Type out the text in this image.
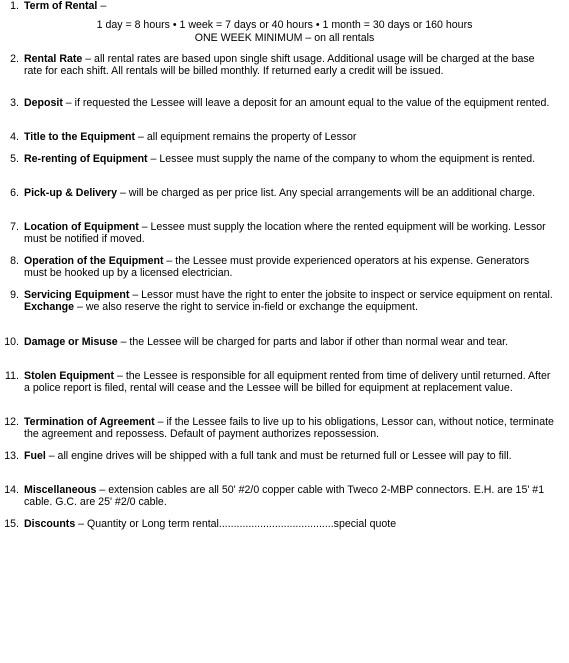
1. Term of Rental –
1 day = 8 hours • 1 week = 7 days or 40 hours • 1 month = 30 days or 160 hours
ONE WEEK MINIMUM – on all rentals
2. Rental Rate – all rental rates are based upon single shift usage. Additional usage will be charged at the base rate for each shift. All rentals will be billed monthly. If returned early a credit will be issued.
3. Deposit – if requested the Lessee will leave a deposit for an amount equal to the value of the equipment rented.
4. Title to the Equipment – all equipment remains the property of Lessor
5. Re-renting of Equipment – Lessee must supply the name of the company to whom the equipment is rented.
6. Pick-up & Delivery – will be charged as per price list. Any special arrangements will be an additional charge.
7. Location of Equipment – Lessee must supply the location where the rented equipment will be working. Lessor must be notified if moved.
8. Operation of the Equipment – the Lessee must provide experienced operators at his expense. Generators must be hooked up by a licensed electrician.
9. Servicing Equipment – Lessor must have the right to enter the jobsite to inspect or service equipment on rental. Exchange – we also reserve the right to service in-field or exchange the equipment.
10. Damage or Misuse – the Lessee will be charged for parts and labor if other than normal wear and tear.
11. Stolen Equipment – the Lessee is responsible for all equipment rented from time of delivery until returned. After a police report is filed, rental will cease and the Lessee will be billed for equipment at replacement value.
12. Termination of Agreement – if the Lessee fails to live up to his obligations, Lessor can, without notice, terminate the agreement and repossess. Default of payment authorizes repossession.
13. Fuel – all engine drives will be shipped with a full tank and must be returned full or Lessee will pay to fill.
14. Miscellaneous – extension cables are all 50' #2/0 copper cable with Tweco 2-MBP connectors. E.H. are 15' #1 cable. G.C. are 25' #2/0 cable.
15. Discounts – Quantity or Long term rental.......................................special quote
